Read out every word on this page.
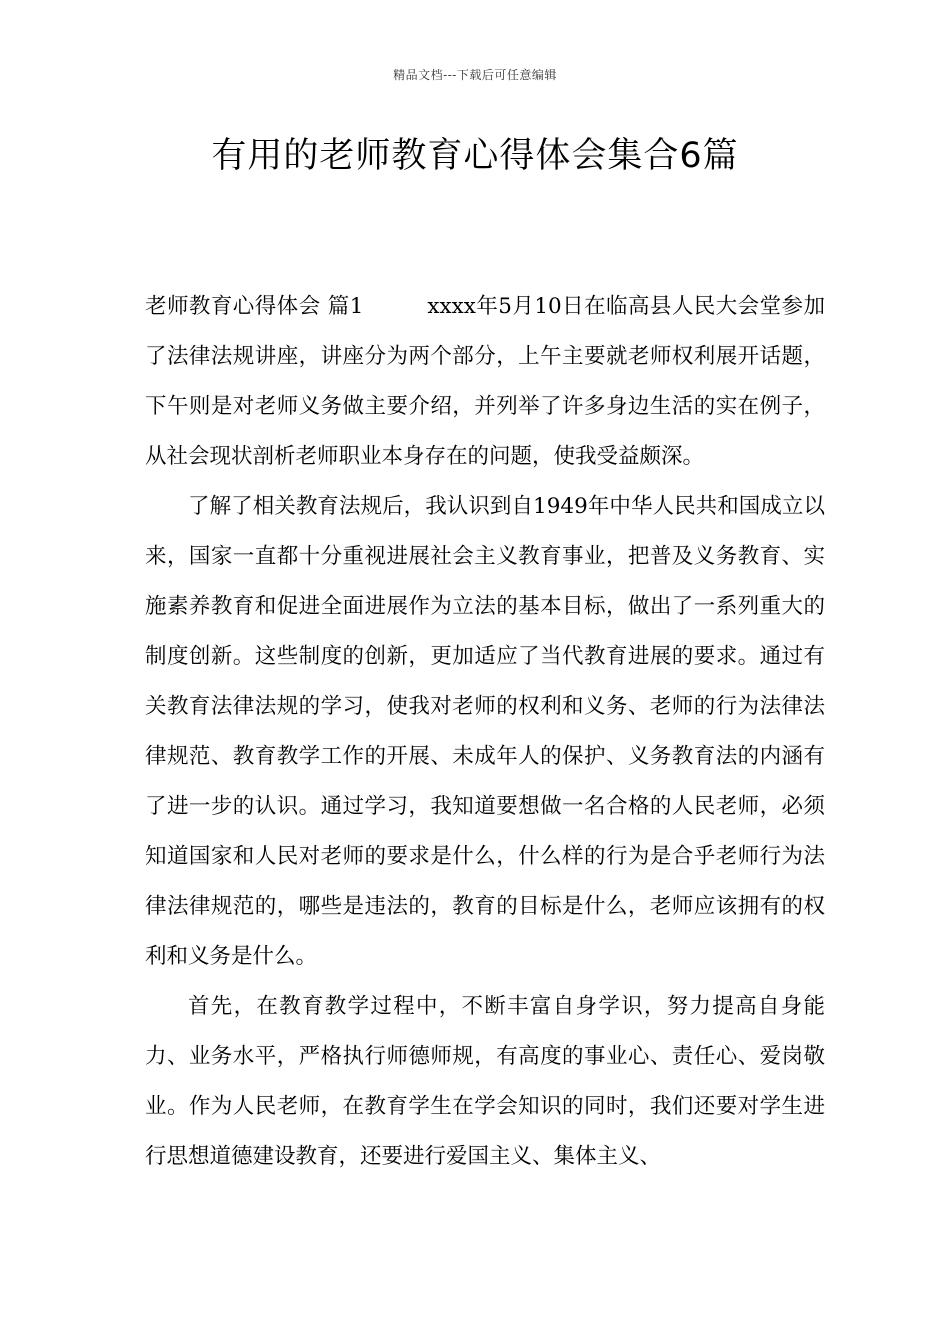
精品文档---下载后可任意编辑
有用的老师教育心得体会集合6篇

老师教育心得体会 篇1	xxxx年5月10日在临高县人民大会堂参加了法律法规讲座，讲座分为两个部分，上午主要就老师权利展开话题，下午则是对老师义务做主要介绍，并列举了许多身边生活的实在例子，从社会现状剖析老师职业本身存在的问题，使我受益颇深。

了解了相关教育法规后，我认识到自1949年中华人民共和国成立以来，国家一直都十分重视进展社会主义教育事业，把普及义务教育、实施素养教育和促进全面进展作为立法的基本目标，做出了一系列重大的制度创新。这些制度的创新，更加适应了当代教育进展的要求。通过有关教育法律法规的学习，使我对老师的权利和义务、老师的行为法律法律规范、教育教学工作的开展、未成年人的保护、义务教育法的内涵有了进一步的认识。通过学习，我知道要想做一名合格的人民老师，必须知道国家和人民对老师的要求是什么，什么样的行为是合乎老师行为法律法律规范的，哪些是违法的，教育的目标是什么，老师应该拥有的权利和义务是什么。

首先，在教育教学过程中，不断丰富自身学识，努力提高自身能力、业务水平，严格执行师德师规，有高度的事业心、责任心、爱岗敬业。作为人民老师，在教育学生在学会知识的同时，我们还要对学生进行思想道德建设教育，还要进行爱国主义、集体主义、
